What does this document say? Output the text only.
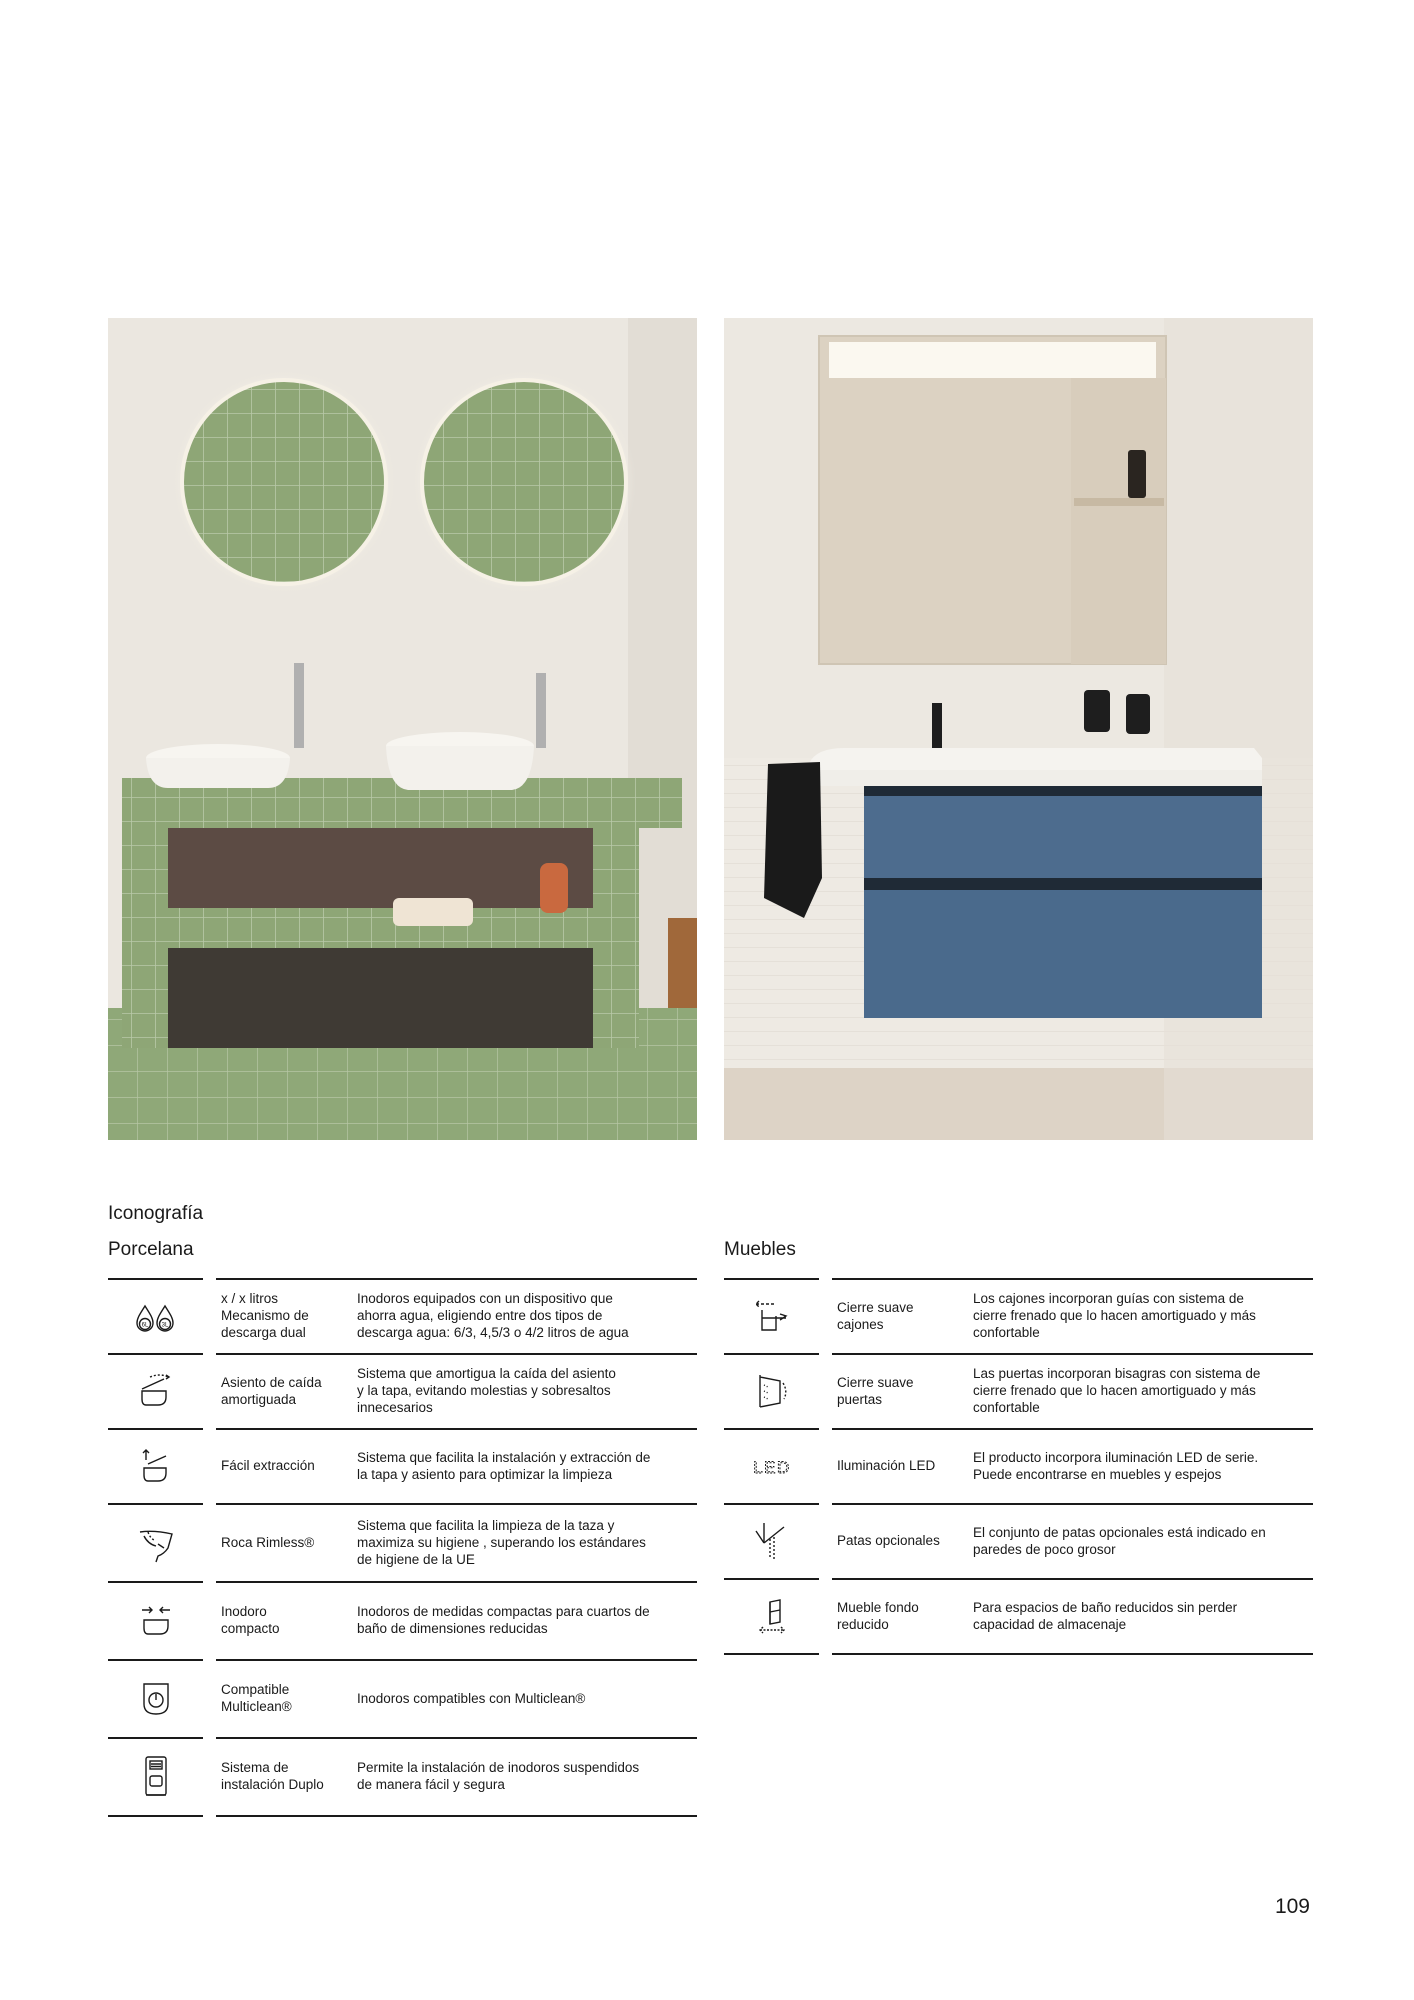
Iconografía
Porcelana	Muebles
6L 3L
x / x litros
Mecanismo de
descarga dual
Inodoros equipados con un dispositivo que
ahorra agua, eligiendo entre dos tipos de
descarga agua: 6/3, 4,5/3 o 4/2 litros de agua
Asiento de caída
amortiguada
Sistema que amortigua la caída del asiento
y la tapa, evitando molestias y sobresaltos
innecesarios
Fácil extracción
Sistema que facilita la instalación y extracción de
la tapa y asiento para optimizar la limpieza
Roca Rimless®
Sistema que facilita la limpieza de la taza y
maximiza su higiene , superando los estándares
de higiene de la UE
Inodoro
compacto
Inodoros de medidas compactas para cuartos de
baño de dimensiones reducidas
Compatible
Multiclean®
Inodoros compatibles con Multiclean®
Sistema de
instalación Duplo
Permite la instalación de inodoros suspendidos
de manera fácil y segura
Cierre suave
cajones
Los cajones incorporan guías con sistema de
cierre frenado que lo hacen amortiguado y más
confortable
Cierre suave
puertas
Las puertas incorporan bisagras con sistema de
cierre frenado que lo hacen amortiguado y más
confortable
LED	Iluminación LED
El producto incorpora iluminación LED de serie.
Puede encontrarse en muebles y espejos
Patas opcionales
El conjunto de patas opcionales está indicado en
paredes de poco grosor
Mueble fondo
reducido
Para espacios de baño reducidos sin perder
capacidad de almacenaje
109
